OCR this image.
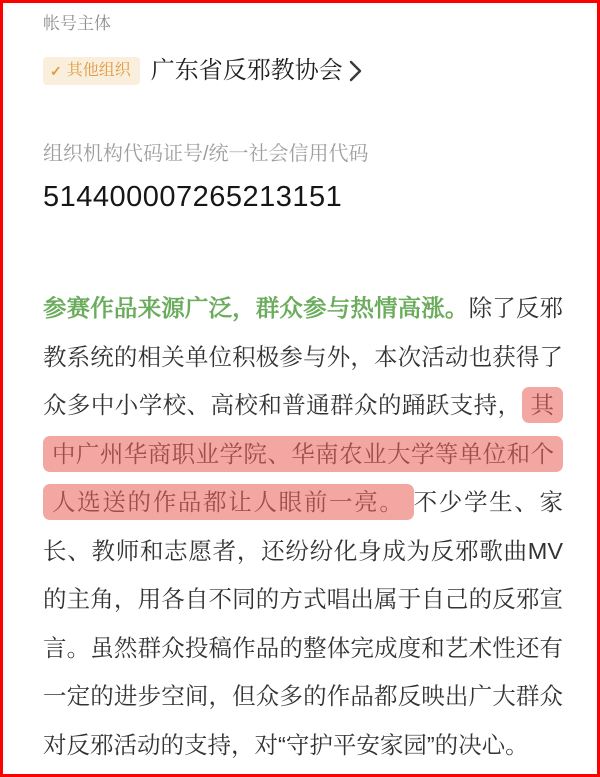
帐号主体
✓ 其他组织 广东省反邪教协会
组织机构代码证号/统一社会信用代码
514400007265213151

参赛作品来源广泛，群众参与热情高涨。除了反邪教系统的相关单位积极参与外，本次活动也获得了众多中小学校、高校和普通群众的踊跃支持， 其中广州华商职业学院、华南农业大学等单位和个人选送的作品都让人眼前一亮。 不少学生、家长、教师和志愿者，还纷纷化身成为反邪歌曲MV的主角，用各自不同的方式唱出属于自己的反邪宣言。虽然群众投稿作品的整体完成度和艺术性还有一定的进步空间，但众多的作品都反映出广大群众对反邪活动的支持，对“守护平安家园”的决心。
